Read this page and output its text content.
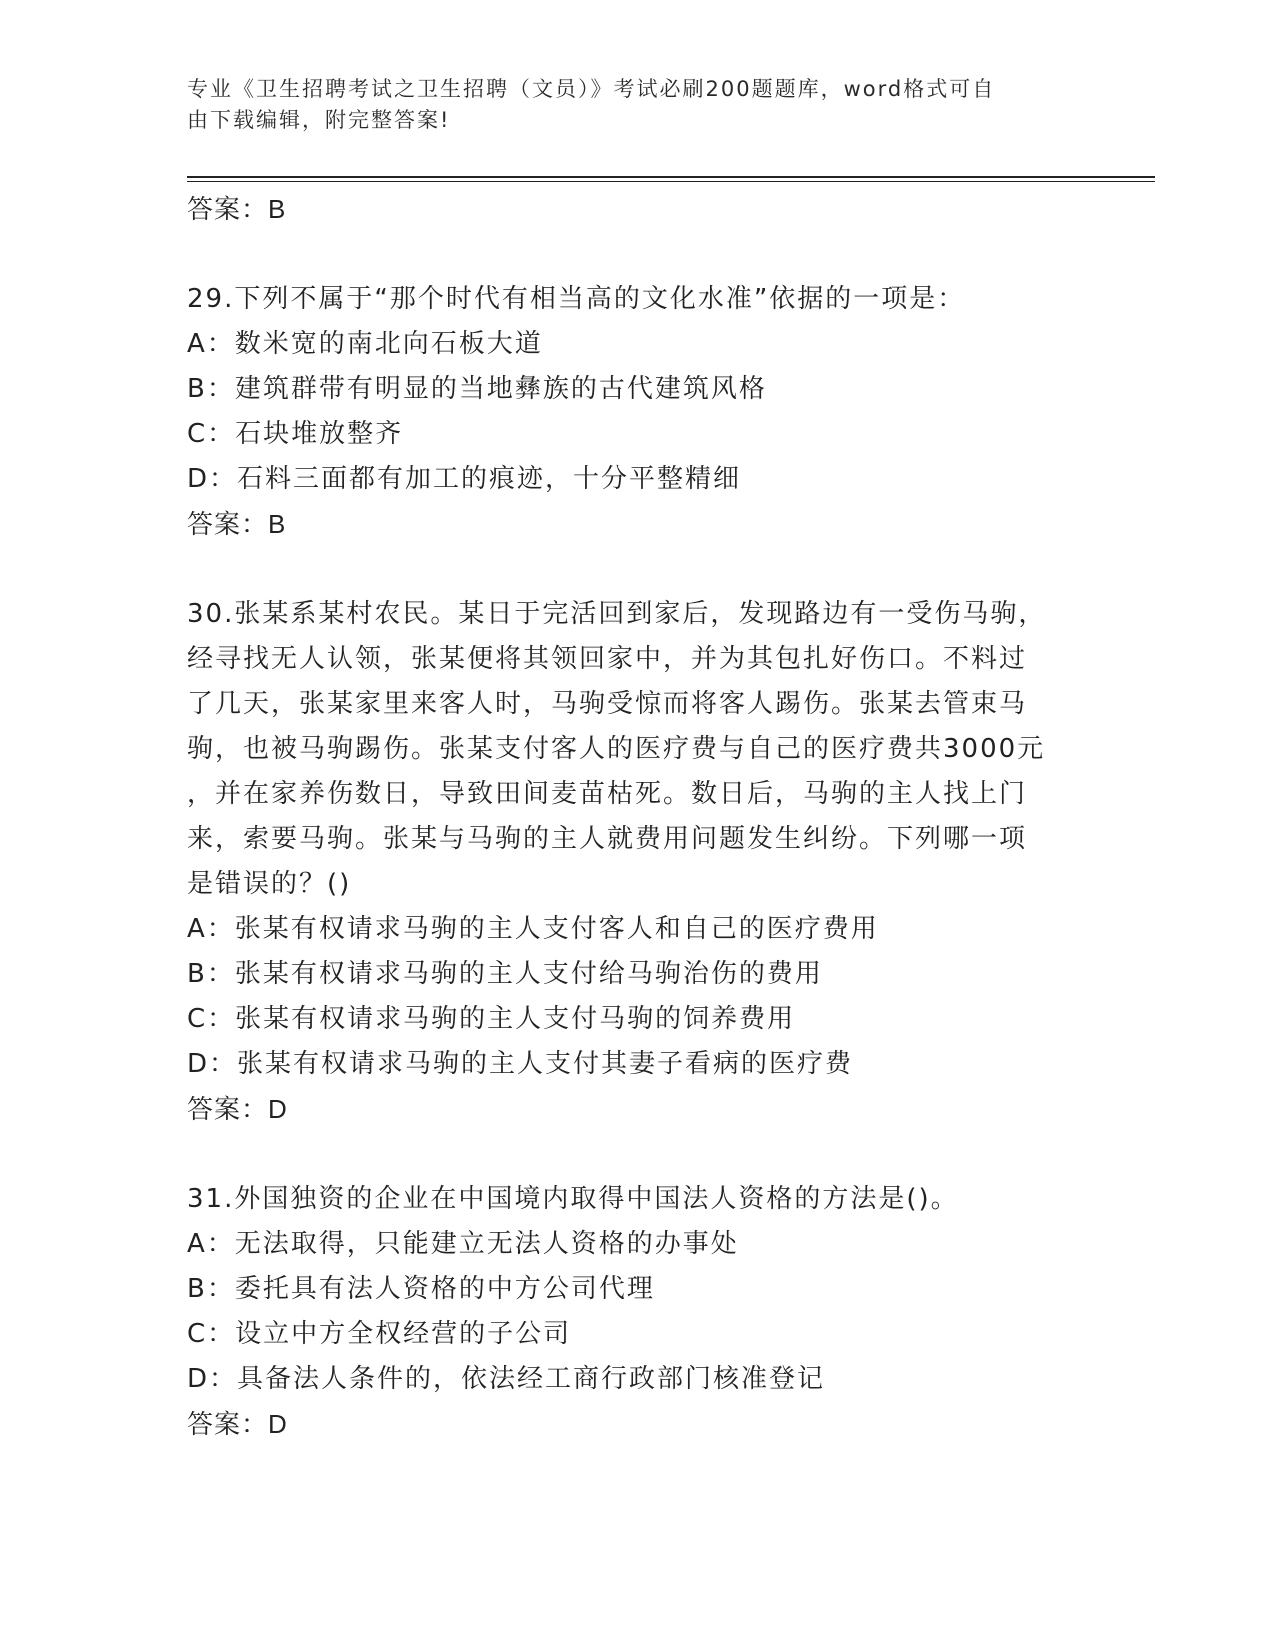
专业《卫生招聘考试之卫生招聘（文员）》考试必刷200题题库，word格式可自
由下载编辑，附完整答案!
答案：B
29.下列不属于“那个时代有相当高的文化水准”依据的一项是：
A：数米宽的南北向石板大道
B：建筑群带有明显的当地彝族的古代建筑风格
C：石块堆放整齐
D：石料三面都有加工的痕迹，十分平整精细
答案：B
30.张某系某村农民。某日于完活回到家后，发现路边有一受伤马驹，
经寻找无人认领，张某便将其领回家中，并为其包扎好伤口。不料过
了几天，张某家里来客人时，马驹受惊而将客人踢伤。张某去管束马
驹，也被马驹踢伤。张某支付客人的医疗费与自己的医疗费共3000元
，并在家养伤数日，导致田间麦苗枯死。数日后，马驹的主人找上门
来，索要马驹。张某与马驹的主人就费用问题发生纠纷。下列哪一项
是错误的？()
A：张某有权请求马驹的主人支付客人和自己的医疗费用
B：张某有权请求马驹的主人支付给马驹治伤的费用
C：张某有权请求马驹的主人支付马驹的饲养费用
D：张某有权请求马驹的主人支付其妻子看病的医疗费
答案：D
31.外国独资的企业在中国境内取得中国法人资格的方法是()。
A：无法取得，只能建立无法人资格的办事处
B：委托具有法人资格的中方公司代理
C：设立中方全权经营的子公司
D：具备法人条件的，依法经工商行政部门核准登记
答案：D
